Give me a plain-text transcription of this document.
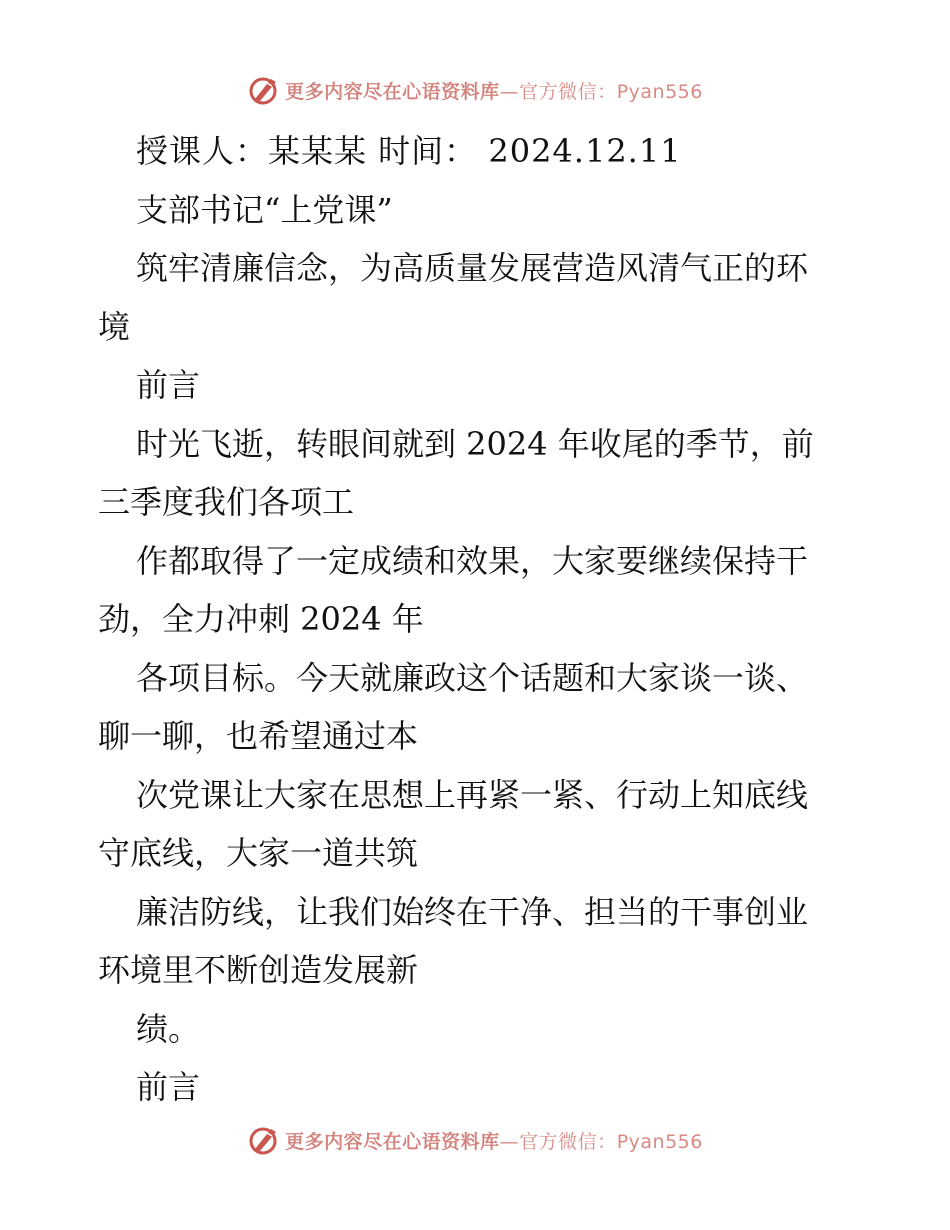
更多内容尽在心语资料库—官方微信：Pyan556
授课人：某某某 时间： 2024.12.11
支部书记“上党课”
筑牢清廉信念，为高质量发展营造风清气正的环
境
前言
时光飞逝，转眼间就到 2024 年收尾的季节，前
三季度我们各项工
作都取得了一定成绩和效果，大家要继续保持干
劲，全力冲刺 2024 年
各项目标。今天就廉政这个话题和大家谈一谈、
聊一聊，也希望通过本
次党课让大家在思想上再紧一紧、行动上知底线
守底线，大家一道共筑
廉洁防线，让我们始终在干净、担当的干事创业
环境里不断创造发展新
绩。
前言
更多内容尽在心语资料库—官方微信：Pyan556
